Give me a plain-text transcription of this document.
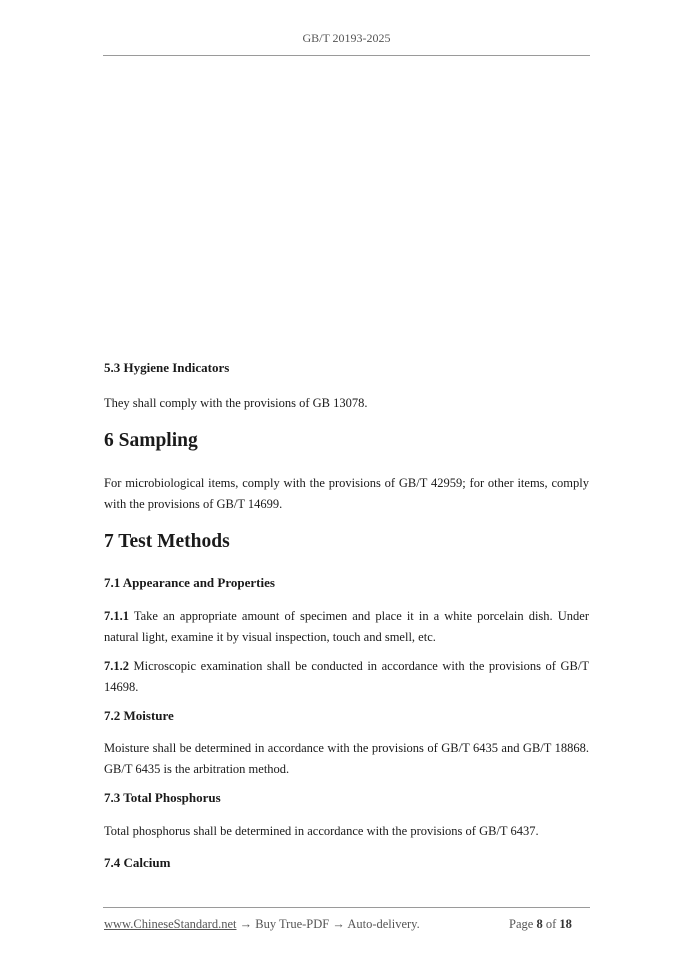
GB/T 20193-2025
5.3 Hygiene Indicators
They shall comply with the provisions of GB 13078.
6 Sampling
For microbiological items, comply with the provisions of GB/T 42959; for other items, comply with the provisions of GB/T 14699.
7 Test Methods
7.1 Appearance and Properties
7.1.1 Take an appropriate amount of specimen and place it in a white porcelain dish. Under natural light, examine it by visual inspection, touch and smell, etc.
7.1.2 Microscopic examination shall be conducted in accordance with the provisions of GB/T 14698.
7.2 Moisture
Moisture shall be determined in accordance with the provisions of GB/T 6435 and GB/T 18868. GB/T 6435 is the arbitration method.
7.3 Total Phosphorus
Total phosphorus shall be determined in accordance with the provisions of GB/T 6437.
7.4 Calcium
www.ChineseStandard.net → Buy True-PDF → Auto-delivery.	Page 8 of 18
